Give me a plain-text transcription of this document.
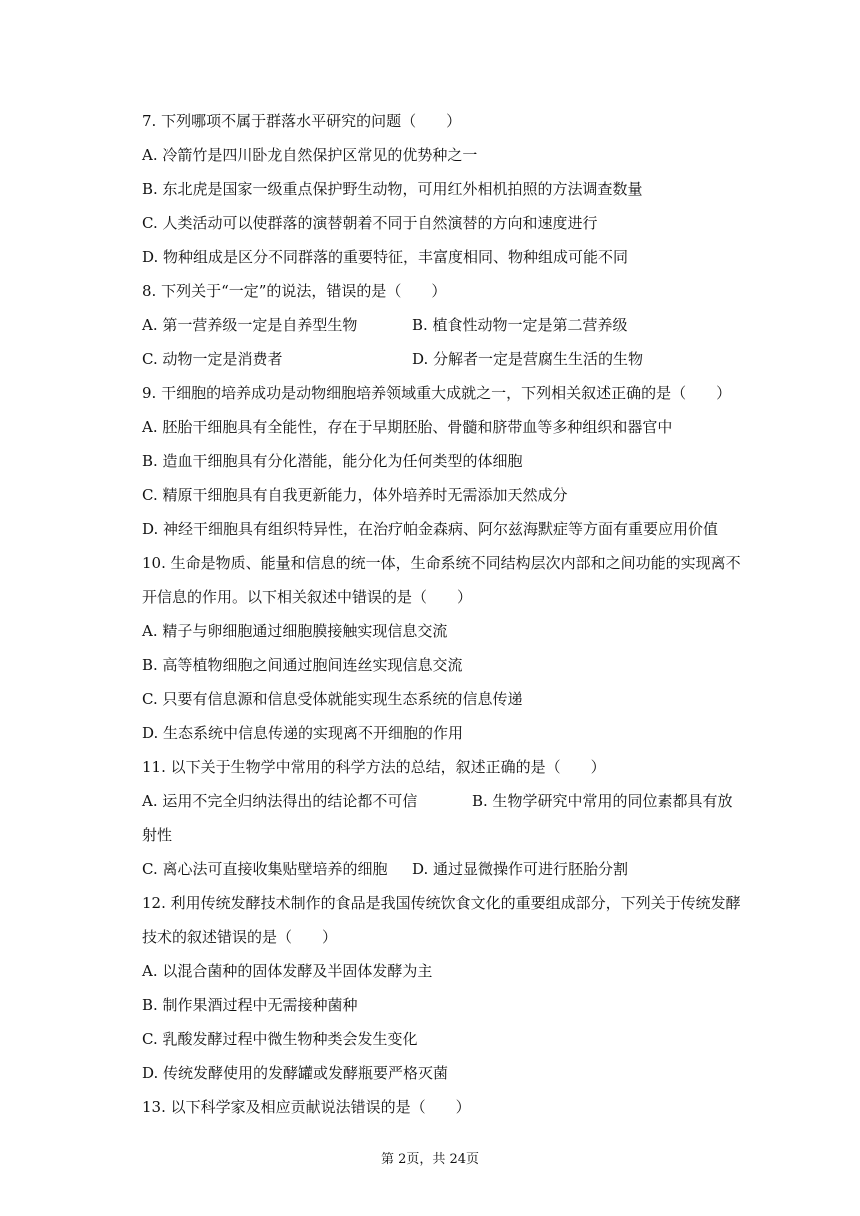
7. 下列哪项不属于群落水平研究的问题（　　）
A. 冷箭竹是四川卧龙自然保护区常见的优势种之一
B. 东北虎是国家一级重点保护野生动物，可用红外相机拍照的方法调查数量
C. 人类活动可以使群落的演替朝着不同于自然演替的方向和速度进行
D. 物种组成是区分不同群落的重要特征，丰富度相同、物种组成可能不同
8. 下列关于“一定”的说法，错误的是（　　）
A. 第一营养级一定是自养型生物	B. 植食性动物一定是第二营养级
C. 动物一定是消费者	D. 分解者一定是营腐生生活的生物
9. 干细胞的培养成功是动物细胞培养领域重大成就之一，下列相关叙述正确的是（　　）
A. 胚胎干细胞具有全能性，存在于早期胚胎、骨髓和脐带血等多种组织和器官中
B. 造血干细胞具有分化潜能，能分化为任何类型的体细胞
C. 精原干细胞具有自我更新能力，体外培养时无需添加天然成分
D. 神经干细胞具有组织特异性，在治疗帕金森病、阿尔兹海默症等方面有重要应用价值
10. 生命是物质、能量和信息的统一体，生命系统不同结构层次内部和之间功能的实现离不
开信息的作用。以下相关叙述中错误的是（　　）
A. 精子与卵细胞通过细胞膜接触实现信息交流
B. 高等植物细胞之间通过胞间连丝实现信息交流
C. 只要有信息源和信息受体就能实现生态系统的信息传递
D. 生态系统中信息传递的实现离不开细胞的作用
11. 以下关于生物学中常用的科学方法的总结，叙述正确的是（　　）
A. 运用不完全归纳法得出的结论都不可信	B. 生物学研究中常用的同位素都具有放
射性
C. 离心法可直接收集贴壁培养的细胞 D. 通过显微操作可进行胚胎分割
12. 利用传统发酵技术制作的食品是我国传统饮食文化的重要组成部分，下列关于传统发酵
技术的叙述错误的是（　　）
A. 以混合菌种的固体发酵及半固体发酵为主
B. 制作果酒过程中无需接种菌种
C. 乳酸发酵过程中微生物种类会发生变化
D. 传统发酵使用的发酵罐或发酵瓶要严格灭菌
13. 以下科学家及相应贡献说法错误的是（　　）
第 2页，共 24页
